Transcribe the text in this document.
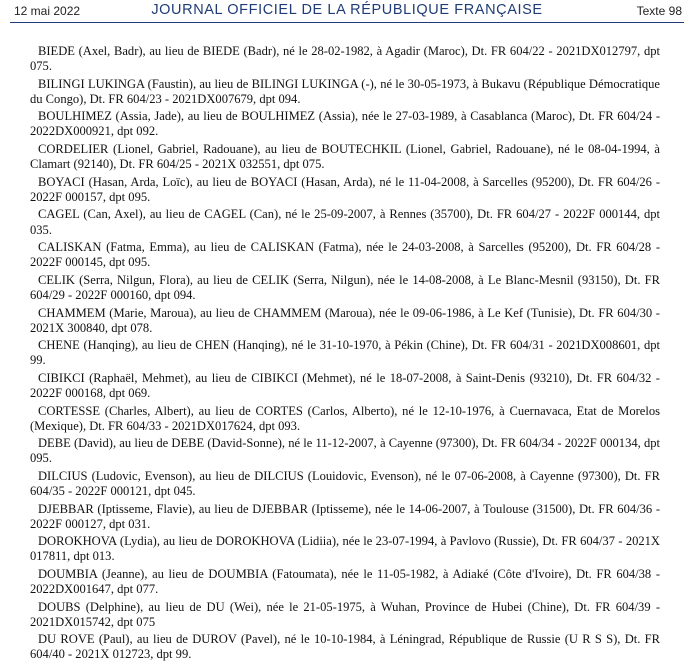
12 mai 2022	JOURNAL OFFICIEL DE LA RÉPUBLIQUE FRANÇAISE	Texte 98

BIEDE (Axel, Badr), au lieu de BIEDE (Badr), né le 28-02-1982, à Agadir (Maroc), Dt. FR 604/22 - 2021DX012797, dpt 075.

BILINGI LUKINGA (Faustin), au lieu de BILINGI LUKINGA (-), né le 30-05-1973, à Bukavu (République Démocratique du Congo), Dt. FR 604/23 - 2021DX007679, dpt 094.

BOULHIMEZ (Assia, Jade), au lieu de BOULHIMEZ (Assia), née le 27-03-1989, à Casablanca (Maroc), Dt. FR 604/24 - 2022DX000921, dpt 092.

CORDELIER (Lionel, Gabriel, Radouane), au lieu de BOUTECHKIL (Lionel, Gabriel, Radouane), né le 08-04-1994, à Clamart (92140), Dt. FR 604/25 - 2021X 032551, dpt 075.

BOYACI (Hasan, Arda, Loïc), au lieu de BOYACI (Hasan, Arda), né le 11-04-2008, à Sarcelles (95200), Dt. FR 604/26 - 2022F 000157, dpt 095.

CAGEL (Can, Axel), au lieu de CAGEL (Can), né le 25-09-2007, à Rennes (35700), Dt. FR 604/27 - 2022F 000144, dpt 035.

CALISKAN (Fatma, Emma), au lieu de CALISKAN (Fatma), née le 24-03-2008, à Sarcelles (95200), Dt. FR 604/28 - 2022F 000145, dpt 095.

CELIK (Serra, Nilgun, Flora), au lieu de CELIK (Serra, Nilgun), née le 14-08-2008, à Le Blanc-Mesnil (93150), Dt. FR 604/29 - 2022F 000160, dpt 094.

CHAMMEM (Marie, Maroua), au lieu de CHAMMEM (Maroua), née le 09-06-1986, à Le Kef (Tunisie), Dt. FR 604/30 - 2021X 300840, dpt 078.

CHENE (Hanqing), au lieu de CHEN (Hanqing), né le 31-10-1970, à Pékin (Chine), Dt. FR 604/31 - 2021DX008601, dpt 99.

CIBIKCI (Raphaël, Mehmet), au lieu de CIBIKCI (Mehmet), né le 18-07-2008, à Saint-Denis (93210), Dt. FR 604/32 - 2022F 000168, dpt 069.

CORTESSE (Charles, Albert), au lieu de CORTES (Carlos, Alberto), né le 12-10-1976, à Cuernavaca, Etat de Morelos (Mexique), Dt. FR 604/33 - 2021DX017624, dpt 093.

DEBE (David), au lieu de DEBE (David-Sonne), né le 11-12-2007, à Cayenne (97300), Dt. FR 604/34 - 2022F 000134, dpt 095.

DILCIUS (Ludovic, Evenson), au lieu de DILCIUS (Louidovic, Evenson), né le 07-06-2008, à Cayenne (97300), Dt. FR 604/35 - 2022F 000121, dpt 045.

DJEBBAR (Iptisseme, Flavie), au lieu de DJEBBAR (Iptisseme), née le 14-06-2007, à Toulouse (31500), Dt. FR 604/36 - 2022F 000127, dpt 031.

DOROKHOVA (Lydia), au lieu de DOROKHOVA (Lidiia), née le 23-07-1994, à Pavlovo (Russie), Dt. FR 604/37 - 2021X 017811, dpt 013.

DOUMBIA (Jeanne), au lieu de DOUMBIA (Fatoumata), née le 11-05-1982, à Adiaké (Côte d'Ivoire), Dt. FR 604/38 - 2022DX001647, dpt 077.

DOUBS (Delphine), au lieu de DU (Wei), née le 21-05-1975, à Wuhan, Province de Hubei (Chine), Dt. FR 604/39 - 2021DX015742, dpt 075

DU ROVE (Paul), au lieu de DUROV (Pavel), né le 10-10-1984, à Léningrad, République de Russie (U R S S), Dt. FR 604/40 - 2021X 012723, dpt 99.
